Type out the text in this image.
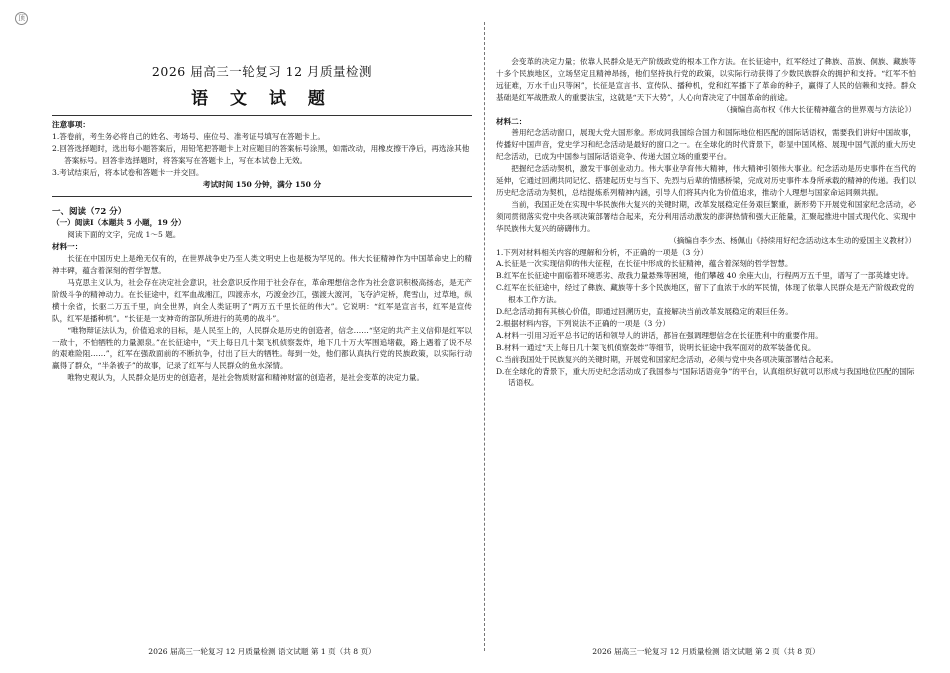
顶
2026 届高三一轮复习 12 月质量检测
语 文 试 题

注意事项：

1.答卷前，考生务必将自己的姓名、考场号、座位号、准考证号填写在答题卡上。

2.回答选择题时，选出每小题答案后，用铅笔把答题卡上对应题目的答案标号涂黑，如需改动，用橡皮擦干净后，再选涂其他答案标号。回答非选择题时，将答案写在答题卡上，写在本试卷上无效。

3.考试结束后，将本试卷和答题卡一并交回。

考试时间 150 分钟，满分 150 分

一、阅读（72 分）

（一）阅读Ⅰ（本题共 5 小题，19 分）

阅读下面的文字，完成 1～5 题。

材料一：

长征在中国历史上是绝无仅有的，在世界战争史乃至人类文明史上也是极为罕见的。伟大长征精神作为中国革命史上的精神丰碑，蕴含着深刻的哲学智慧。

马克思主义认为，社会存在决定社会意识，社会意识反作用于社会存在，革命理想信念作为社会意识积极高扬态，是无产阶级斗争的精神动力。在长征途中，红军血战湘江，四渡赤水，巧渡金沙江，强渡大渡河，飞夺泸定桥，爬雪山，过草地，纵横十余省，长驱二万五千里，向全世界，向全人类证明了“两万五千里长征的伟大”。它说明：“红军是宣言书，红军是宣传队，红军是播种机”。“长征是一支神奇的部队所进行的英勇的战斗”。

“唯物辩证法认为，价值追求的目标，是人民至上的，人民群众是历史的创造者，信念……“坚定的共产主义信仰是红军以一敌十，不怕牺牲的力量源泉。”在长征途中，“天上每日几十架飞机侦察轰炸，地下几十万大军围追堵截，路上遇着了说不尽的艰难险阻……”，红军在强敌面前的不断抗争，付出了巨大的牺牲。每到一处，他们都认真执行党的民族政策，以实际行动赢得了群众，“半条被子”的故事，记录了红军与人民群众的鱼水深情。

唯物史观认为，人民群众是历史的创造者，是社会物质财富和精神财富的创造者，是社会变革的决定力量。

会变革的决定力量；依靠人民群众是无产阶级政党的根本工作方法。在长征途中，红军经过了彝族、苗族、侗族、藏族等十多个民族地区，立场坚定且精神昂扬，他们坚持执行党的政策，以实际行动获得了少数民族群众的拥护和支持。“红军不怕远征难，万水千山只等闲”，长征是宣言书、宣传队、播种机，党和红军播下了革命的种子，赢得了人民的信赖和支持。群众基础是红军战胜敌人的重要法宝，这就是“天下大势”，人心向背决定了中国革命的前途。

（摘编自高布权《伟大长征精神蕴含的世界观与方法论》）

材料二：

善用纪念活动窗口，展现大党大国形象。形成同我国综合国力和国际地位相匹配的国际话语权，需要我们讲好中国故事，传播好中国声音，党史学习和纪念活动是最好的窗口之一。在全球化的时代背景下，彰显中国风格、展现中国气派的重大历史纪念活动，已成为中国参与国际话语竞争、传递大国立场的重要平台。

把握纪念活动契机，激发干事创业动力。伟大事业孕育伟大精神，伟大精神引领伟大事业。纪念活动是历史事件在当代的延伸，它通过回溯共同记忆、搭建起历史与当下、先烈与后辈的情感桥梁，完成对历史事件本身所承载的精神的传递。我们以历史纪念活动为契机，总结提炼系列精神内涵，引导人们将其内化为价值追求，推动个人理想与国家命运同频共振。

当前，我国正处在实现中华民族伟大复兴的关键时期，改革发展稳定任务艰巨繁重，新形势下开展党和国家纪念活动，必须同贯彻落实党中央各项决策部署结合起来，充分利用活动激发的澎湃热情和强大正能量，汇聚起推进中国式现代化、实现中华民族伟大复兴的磅礴伟力。

（摘编自李少杰、杨佩山《持续用好纪念活动这本生动的爱国主义教材》）

1.下列对材料相关内容的理解和分析，不正确的一项是（3 分）

A.长征是一次实现信仰的伟大征程，在长征中形成的长征精神，蕴含着深刻的哲学智慧。

B.红军在长征途中面临着环境恶劣、敌我力量悬殊等困境，他们攀越 40 余座大山，行程两万五千里，谱写了一部英雄史诗。

C.红军在长征途中，经过了彝族、藏族等十多个民族地区，留下了血浓于水的军民情，体现了依靠人民群众是无产阶级政党的根本工作方法。

D.纪念活动拥有其核心价值，即通过回溯历史，直接解决当前改革发展稳定的艰巨任务。

2.根据材料内容，下列说法不正确的一项是（3 分）

A.材料一引用习近平总书记的话和领导人的讲话，都旨在强调理想信念在长征胜利中的重要作用。

B.材料一通过“天上每日几十架飞机侦察轰炸”等细节，说明长征途中我军面对的敌军装备优良。

C.当前我国处于民族复兴的关键时期，开展党和国家纪念活动，必须与党中央各项决策部署结合起来。

D.在全球化的背景下，重大历史纪念活动成了我国参与“国际话语竞争”的平台，认真组织好就可以形成与我国地位匹配的国际话语权。

2026 届高三一轮复习 12 月质量检测 语文试题 第 1 页（共 8 页）	2026 届高三一轮复习 12 月质量检测 语文试题 第 2 页（共 8 页）
